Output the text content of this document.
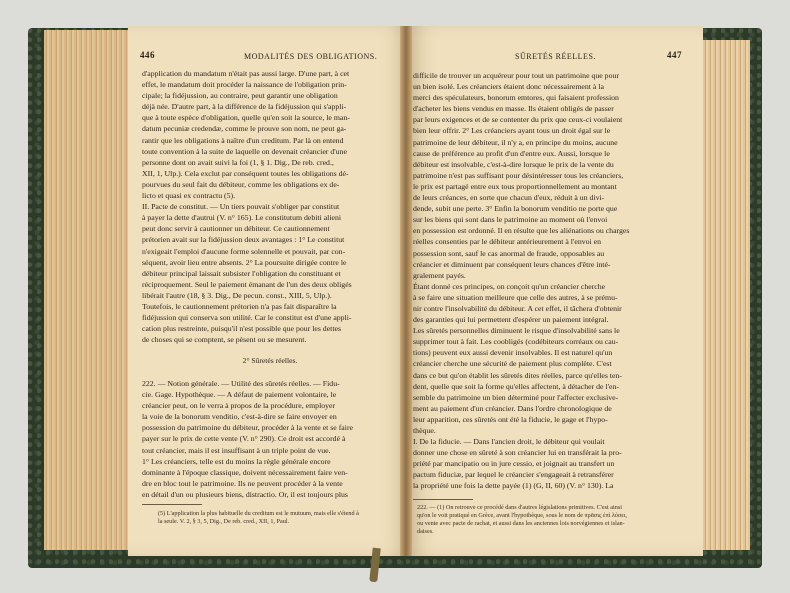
446	MODALITÉS DES OBLIGATIONS.
d'application du mandatum n'était pas aussi large. D'une part, à cet
effet, le mandatum doit procéder la naissance de l'obligation prin-
cipale; la fidéjussion, au contraire, peut garantir une obligation
déjà née. D'autre part, à la différence de la fidéjussion qui s'appli-
que à toute espèce d'obligation, quelle qu'en soit la source, le man-
datum pecuniæ credendæ, comme le prouve son nom, ne peut ga-
rantir que les obligations à naître d'un creditum. Par là on entend
toute convention à la suite de laquelle on devenait créancier d'une
personne dont on avait suivi la foi (1, § 1. Dig., De reb. cred.,
XII, 1, Ulp.). Cela exclut par conséquent toutes les obligations dé-
pourvues du seul fait du débiteur, comme les obligations ex de-
licto et quasi ex contractu (5).
II. Pacte de constitut. — Un tiers pouvait s'obliger par constitut
à payer la dette d'autrui (V. n° 165). Le constitutum debiti alieni
peut donc servir à cautionner un débiteur. Ce cautionnement
prétorien avait sur la fidéjussion deux avantages : 1° Le constitut
n'exigeait l'emploi d'aucune forme solennelle et pouvait, par con-
séquent, avoir lieu entre absents. 2° La poursuite dirigée contre le
débiteur principal laissait subsister l'obligation du constituant et
réciproquement. Seul le paiement émanant de l'un des deux obligés
libérait l'autre (18, § 3. Dig., De pecun. const., XIII, 5, Ulp.).
Toutefois, le cautionnement prétorien n'a pas fait disparaître la
fidéjussion qui conserva son utilité. Car le constitut est d'une appli-
cation plus restreinte, puisqu'il n'est possible que pour les dettes
de choses qui se comptent, se pèsent ou se mesurent.
2° Sûretés réelles.
222. — Notion générale. — Utilité des sûretés réelles. — Fidu-
cie. Gage. Hypothèque. — A défaut de paiement volontaire, le
créancier peut, on le verra à propos de la procédure, employer
la voie de la bonorum venditio, c'est-à-dire se faire envoyer en
possession du patrimoine du débiteur, procéder à la vente et se faire
payer sur le prix de cette vente (V. n° 290). Ce droit est accordé à
tout créancier, mais il est insuffisant à un triple point de vue.
1° Les créanciers, telle est du moins la règle générale encore
dominante à l'époque classique, doivent nécessairement faire ven-
dre en bloc tout le patrimoine. Ils ne peuvent procéder à la vente
en détail d'un ou plusieurs biens, distractio. Or, il est toujours plus
(5) L'application la plus habituelle du creditum est le mutuum, mais elle s'étend à
la seule. V. 2, § 3, 5, Dig., De reb. cred., XII, 1, Paul.
SÛRETÉS RÉELLES.	447
difficile de trouver un acquéreur pour tout un patrimoine que pour
un bien isolé. Les créanciers étaient donc nécessairement à la
merci des spéculateurs, bonorum emtores, qui faisaient profession
d'acheter les biens vendus en masse. Ils étaient obligés de passer
par leurs exigences et de se contenter du prix que ceux-ci voulaient
bien leur offrir. 2° Les créanciers ayant tous un droit égal sur le
patrimoine de leur débiteur, il n'y a, en principe du moins, aucune
cause de préférence au profit d'un d'entre eux. Aussi, lorsque le
débiteur est insolvable, c'est-à-dire lorsque le prix de la vente du
patrimoine n'est pas suffisant pour désintéresser tous les créanciers,
le prix est partagé entre eux tous proportionnellement au montant
de leurs créances, en sorte que chacun d'eux, réduit à un divi-
dende, subit une perte. 3° Enfin la bonorum venditio ne porte que
sur les biens qui sont dans le patrimoine au moment où l'envoi
en possession est ordonné. Il en résulte que les aliénations ou charges
réelles consenties par le débiteur antérieurement à l'envoi en
possession sont, sauf le cas anormal de fraude, opposables au
créancier et diminuent par conséquent leurs chances d'être inté-
gralement payés.
Étant donné ces principes, on conçoit qu'un créancier cherche
à se faire une situation meilleure que celle des autres, à se prému-
nir contre l'insolvabilité du débiteur. A cet effet, il tâchera d'obtenir
des garanties qui lui permettent d'espérer un paiement intégral.
Les sûretés personnelles diminuent le risque d'insolvabilité sans le
supprimer tout à fait. Les coobligés (codébiteurs corréaux ou cau-
tions) peuvent eux aussi devenir insolvables. Il est naturel qu'un
créancier cherche une sécurité de paiement plus complète. C'est
dans ce but qu'on établit les sûretés dites réelles, parce qu'elles ten-
dent, quelle que soit la forme qu'elles affectent, à détacher de l'en-
semble du patrimoine un bien déterminé pour l'affecter exclusive-
ment au paiement d'un créancier. Dans l'ordre chronologique de
leur apparition, ces sûretés ont été la fiducie, le gage et l'hypo-
thèque.
I. De la fiducie. — Dans l'ancien droit, le débiteur qui voulait
donner une chose en sûreté à son créancier lui en transférait la pro-
priété par mancipatio ou in jure cessio, et joignait au transfert un
pactum fiduciæ, par lequel le créancier s'engageait à retransférer
la propriété une fois la dette payée (1) (G, II, 60) (V. n° 130). La
222. — (1) On retrouve ce procédé dans d'autres législations primitives. C'est ainsi
qu'on le voit pratiqué en Grèce, avant l'hypothèque, sous le nom de πρᾶσις ἐπὶ λύσει,
ou vente avec pacte de rachat, et aussi dans les anciennes lois norvégiennes et islan-
daises.
